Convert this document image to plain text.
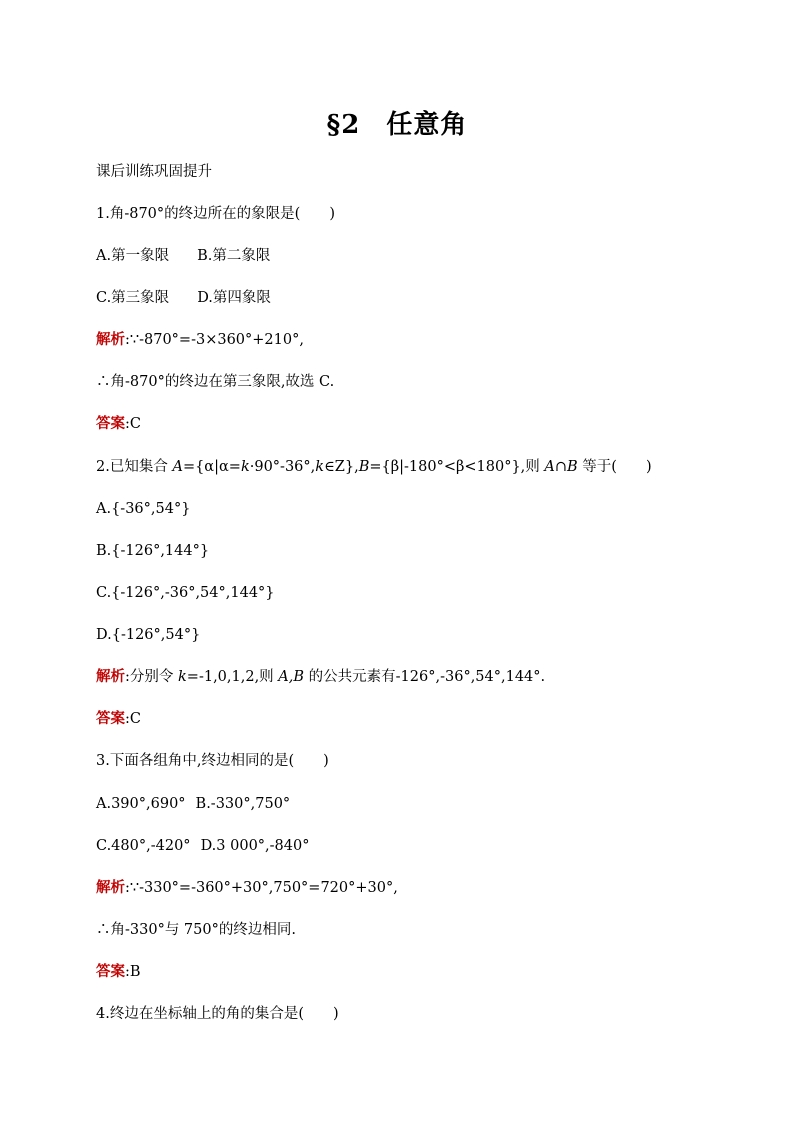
§2 任意角
课后训练巩固提升
1.角-870°的终边所在的象限是(　　)
A.第一象限 B.第二象限
C.第三象限 D.第四象限
解析:∵-870°=-3×360°+210°,
∴角-870°的终边在第三象限,故选 C.
答案:C
2.已知集合 A={α|α=k·90°-36°,k∈Z},B={β|-180°<β<180°},则 A∩B 等于(　　)
A.{-36°,54°}
B.{-126°,144°}
C.{-126°,-36°,54°,144°}
D.{-126°,54°}
解析:分别令 k=-1,0,1,2,则 A,B 的公共元素有-126°,-36°,54°,144°.
答案:C
3.下面各组角中,终边相同的是(　　)
A.390°,690° B.-330°,750°
C.480°,-420° D.3 000°,-840°
解析:∵-330°=-360°+30°,750°=720°+30°,
∴角-330°与 750°的终边相同.
答案:B
4.终边在坐标轴上的角的集合是(　　)
